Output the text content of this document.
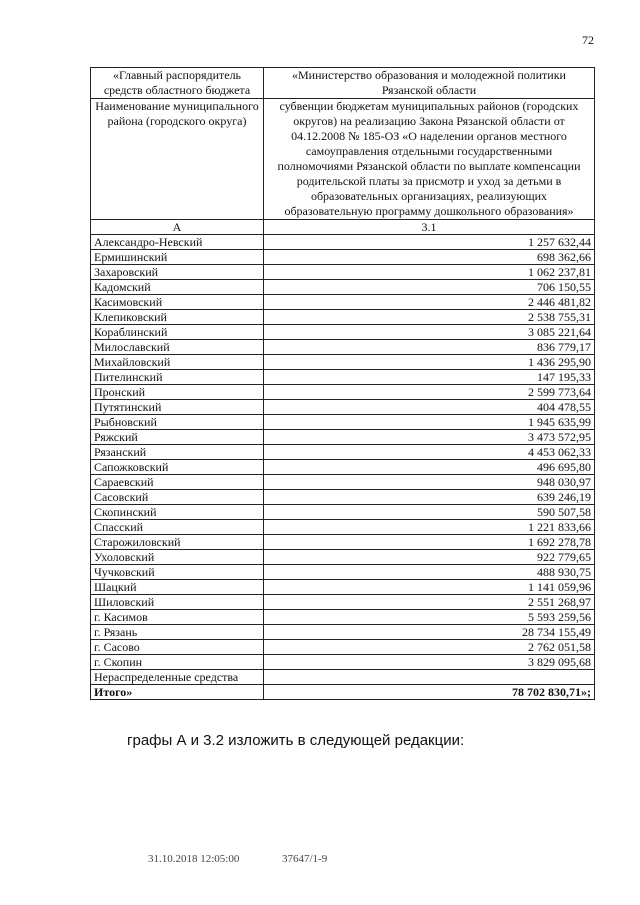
72
«Главный распорядитель средств областного бюджета	«Министерство образования и молодежной политики Рязанской области
Наименование муниципального района (городского округа)	субвенции бюджетам муниципальных районов (городских округов) на реализацию Закона Рязанской области от 04.12.2008 № 185-ОЗ «О наделении органов местного самоуправления отдельными государственными полномочиями Рязанской области по выплате компенсации родительской платы за присмотр и уход за детьми в образовательных организациях, реализующих образовательную программу дошкольного образования»
А	3.1
Александро-Невский	1 257 632,44
Ермишинский	698 362,66
Захаровский	1 062 237,81
Кадомский	706 150,55
Касимовский	2 446 481,82
Клепиковский	2 538 755,31
Кораблинский	3 085 221,64
Милославский	836 779,17
Михайловский	1 436 295,90
Пителинский	147 195,33
Пронский	2 599 773,64
Путятинский	404 478,55
Рыбновский	1 945 635,99
Ряжский	3 473 572,95
Рязанский	4 453 062,33
Сапожковский	496 695,80
Сараевский	948 030,97
Сасовский	639 246,19
Скопинский	590 507,58
Спасский	1 221 833,66
Старожиловский	1 692 278,78
Ухоловский	922 779,65
Чучковский	488 930,75
Шацкий	1 141 059,96
Шиловский	2 551 268,97
г. Касимов	5 593 259,56
г. Рязань	28 734 155,49
г. Сасово	2 762 051,58
г. Скопин	3 829 095,68
Нераспределенные средства	
Итого»	78 702 830,71»;
графы А и 3.2 изложить в следующей редакции:
31.10.2018 12:05:00	37647/1-9
